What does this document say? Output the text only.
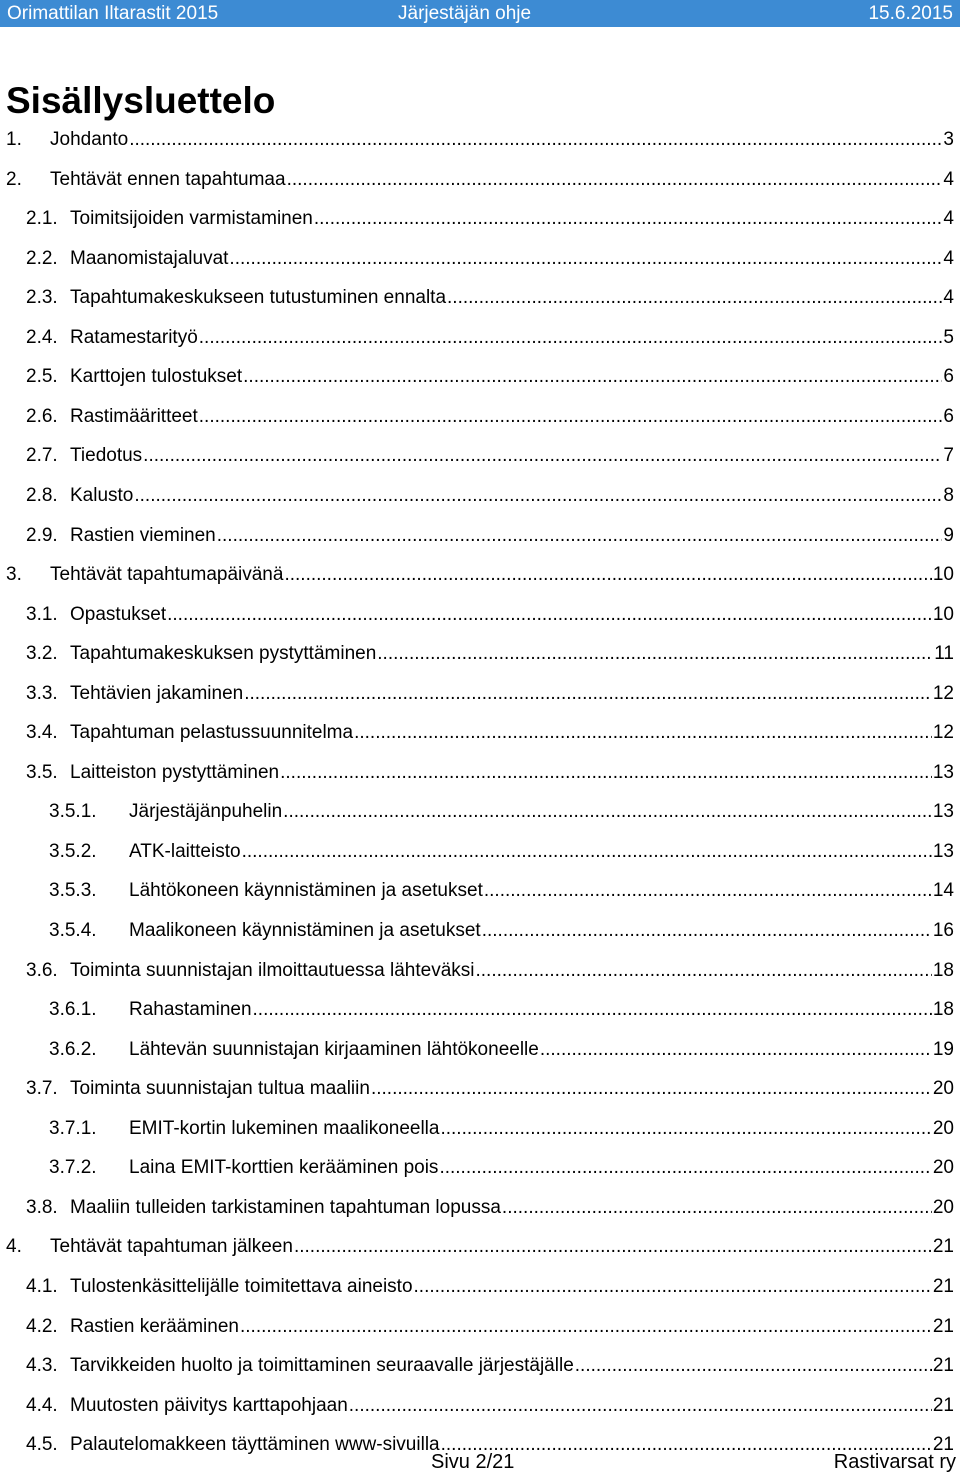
Orimattilan Iltarastit 2015	Järjestäjän ohje	15.6.2015
Sisällysluettelo
1.	Johdanto .....	3
2.	Tehtävät ennen tapahtumaa .....	4
2.1. Toimitsijoiden varmistaminen .....	4
2.2. Maanomistajaluvat .....	4
2.3. Tapahtumakeskukseen tutustuminen ennalta .....	4
2.4. Ratamestarityö .....	5
2.5. Karttojen tulostukset .....	6
2.6. Rastimääritteet .....	6
2.7. Tiedotus .....	7
2.8. Kalusto .....	8
2.9. Rastien vieminen .....	9
3.	Tehtävät tapahtumapäivänä .....	10
3.1. Opastukset .....	10
3.2. Tapahtumakeskuksen pystyttäminen .....	11
3.3. Tehtävien jakaminen .....	12
3.4. Tapahtuman pelastussuunnitelma .....	12
3.5. Laitteiston pystyttäminen .....	13
3.5.1.	Järjestäjänpuhelin .....	13
3.5.2.	ATK-laitteisto .....	13
3.5.3.	Lähtökoneen käynnistäminen ja asetukset .....	14
3.5.4.	Maalikoneen käynnistäminen ja asetukset .....	16
3.6. Toiminta suunnistajan ilmoittautuessa lähteväksi .....	18
3.6.1.	Rahastaminen .....	18
3.6.2.	Lähtevän suunnistajan kirjaaminen lähtökoneelle .....	19
3.7. Toiminta suunnistajan tultua maaliin .....	20
3.7.1.	EMIT-kortin lukeminen maalikoneella .....	20
3.7.2.	Laina EMIT-korttien kerääminen pois .....	20
3.8. Maaliin tulleiden tarkistaminen tapahtuman lopussa .....	20
4.	Tehtävät tapahtuman jälkeen .....	21
4.1. Tulostenkäsittelijälle toimitettava aineisto .....	21
4.2. Rastien kerääminen .....	21
4.3. Tarvikkeiden huolto ja toimittaminen seuraavalle järjestäjälle .....	21
4.4. Muutosten päivitys karttapohjaan .....	21
4.5. Palautelomakkeen täyttäminen www-sivuilla .....	21
Sivu 2/21	Rastivarsat ry
